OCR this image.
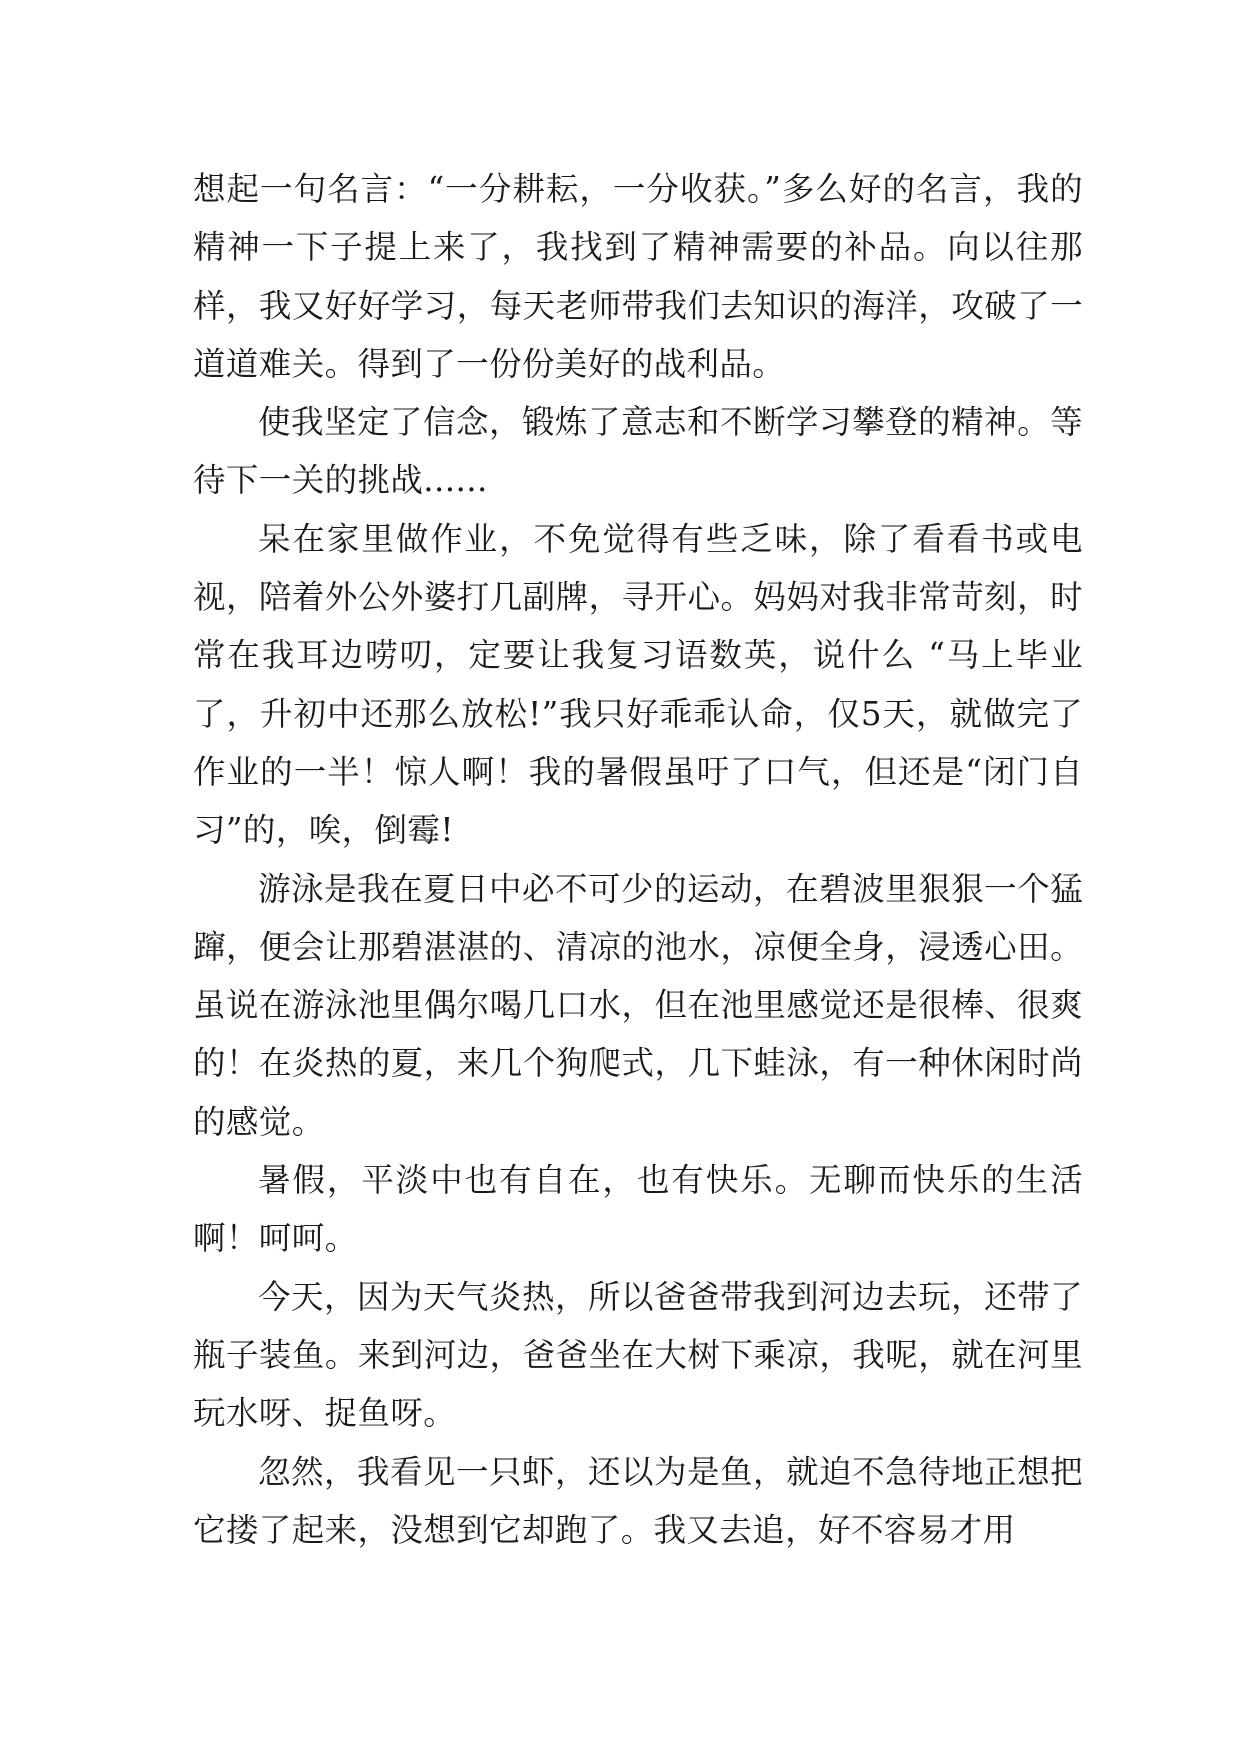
想起一句名言：“一分耕耘，一分收获。”多么好的名言，我的精神一下子提上来了，我找到了精神需要的补品。向以往那样，我又好好学习，每天老师带我们去知识的海洋，攻破了一道道难关。得到了一份份美好的战利品。

使我坚定了信念，锻炼了意志和不断学习攀登的精神。等待下一关的挑战......

呆在家里做作业，不免觉得有些乏味，除了看看书或电视，陪着外公外婆打几副牌，寻开心。妈妈对我非常苛刻，时常在我耳边唠叨，定要让我复习语数英，说什么 “马上毕业了，升初中还那么放松!”我只好乖乖认命，仅5天，就做完了作业的一半！惊人啊！我的暑假虽吁了口气，但还是“闭门自习”的，唉，倒霉!

游泳是我在夏日中必不可少的运动，在碧波里狠狠一个猛蹿，便会让那碧湛湛的、清凉的池水，凉便全身，浸透心田。虽说在游泳池里偶尔喝几口水，但在池里感觉还是很棒、很爽的！在炎热的夏，来几个狗爬式，几下蛙泳，有一种休闲时尚的感觉。

暑假，平淡中也有自在，也有快乐。无聊而快乐的生活啊！呵呵。

今天，因为天气炎热，所以爸爸带我到河边去玩，还带了瓶子装鱼。来到河边，爸爸坐在大树下乘凉，我呢，就在河里玩水呀、捉鱼呀。

忽然，我看见一只虾，还以为是鱼，就迫不急待地正想把它搂了起来，没想到它却跑了。我又去追，好不容易才用
